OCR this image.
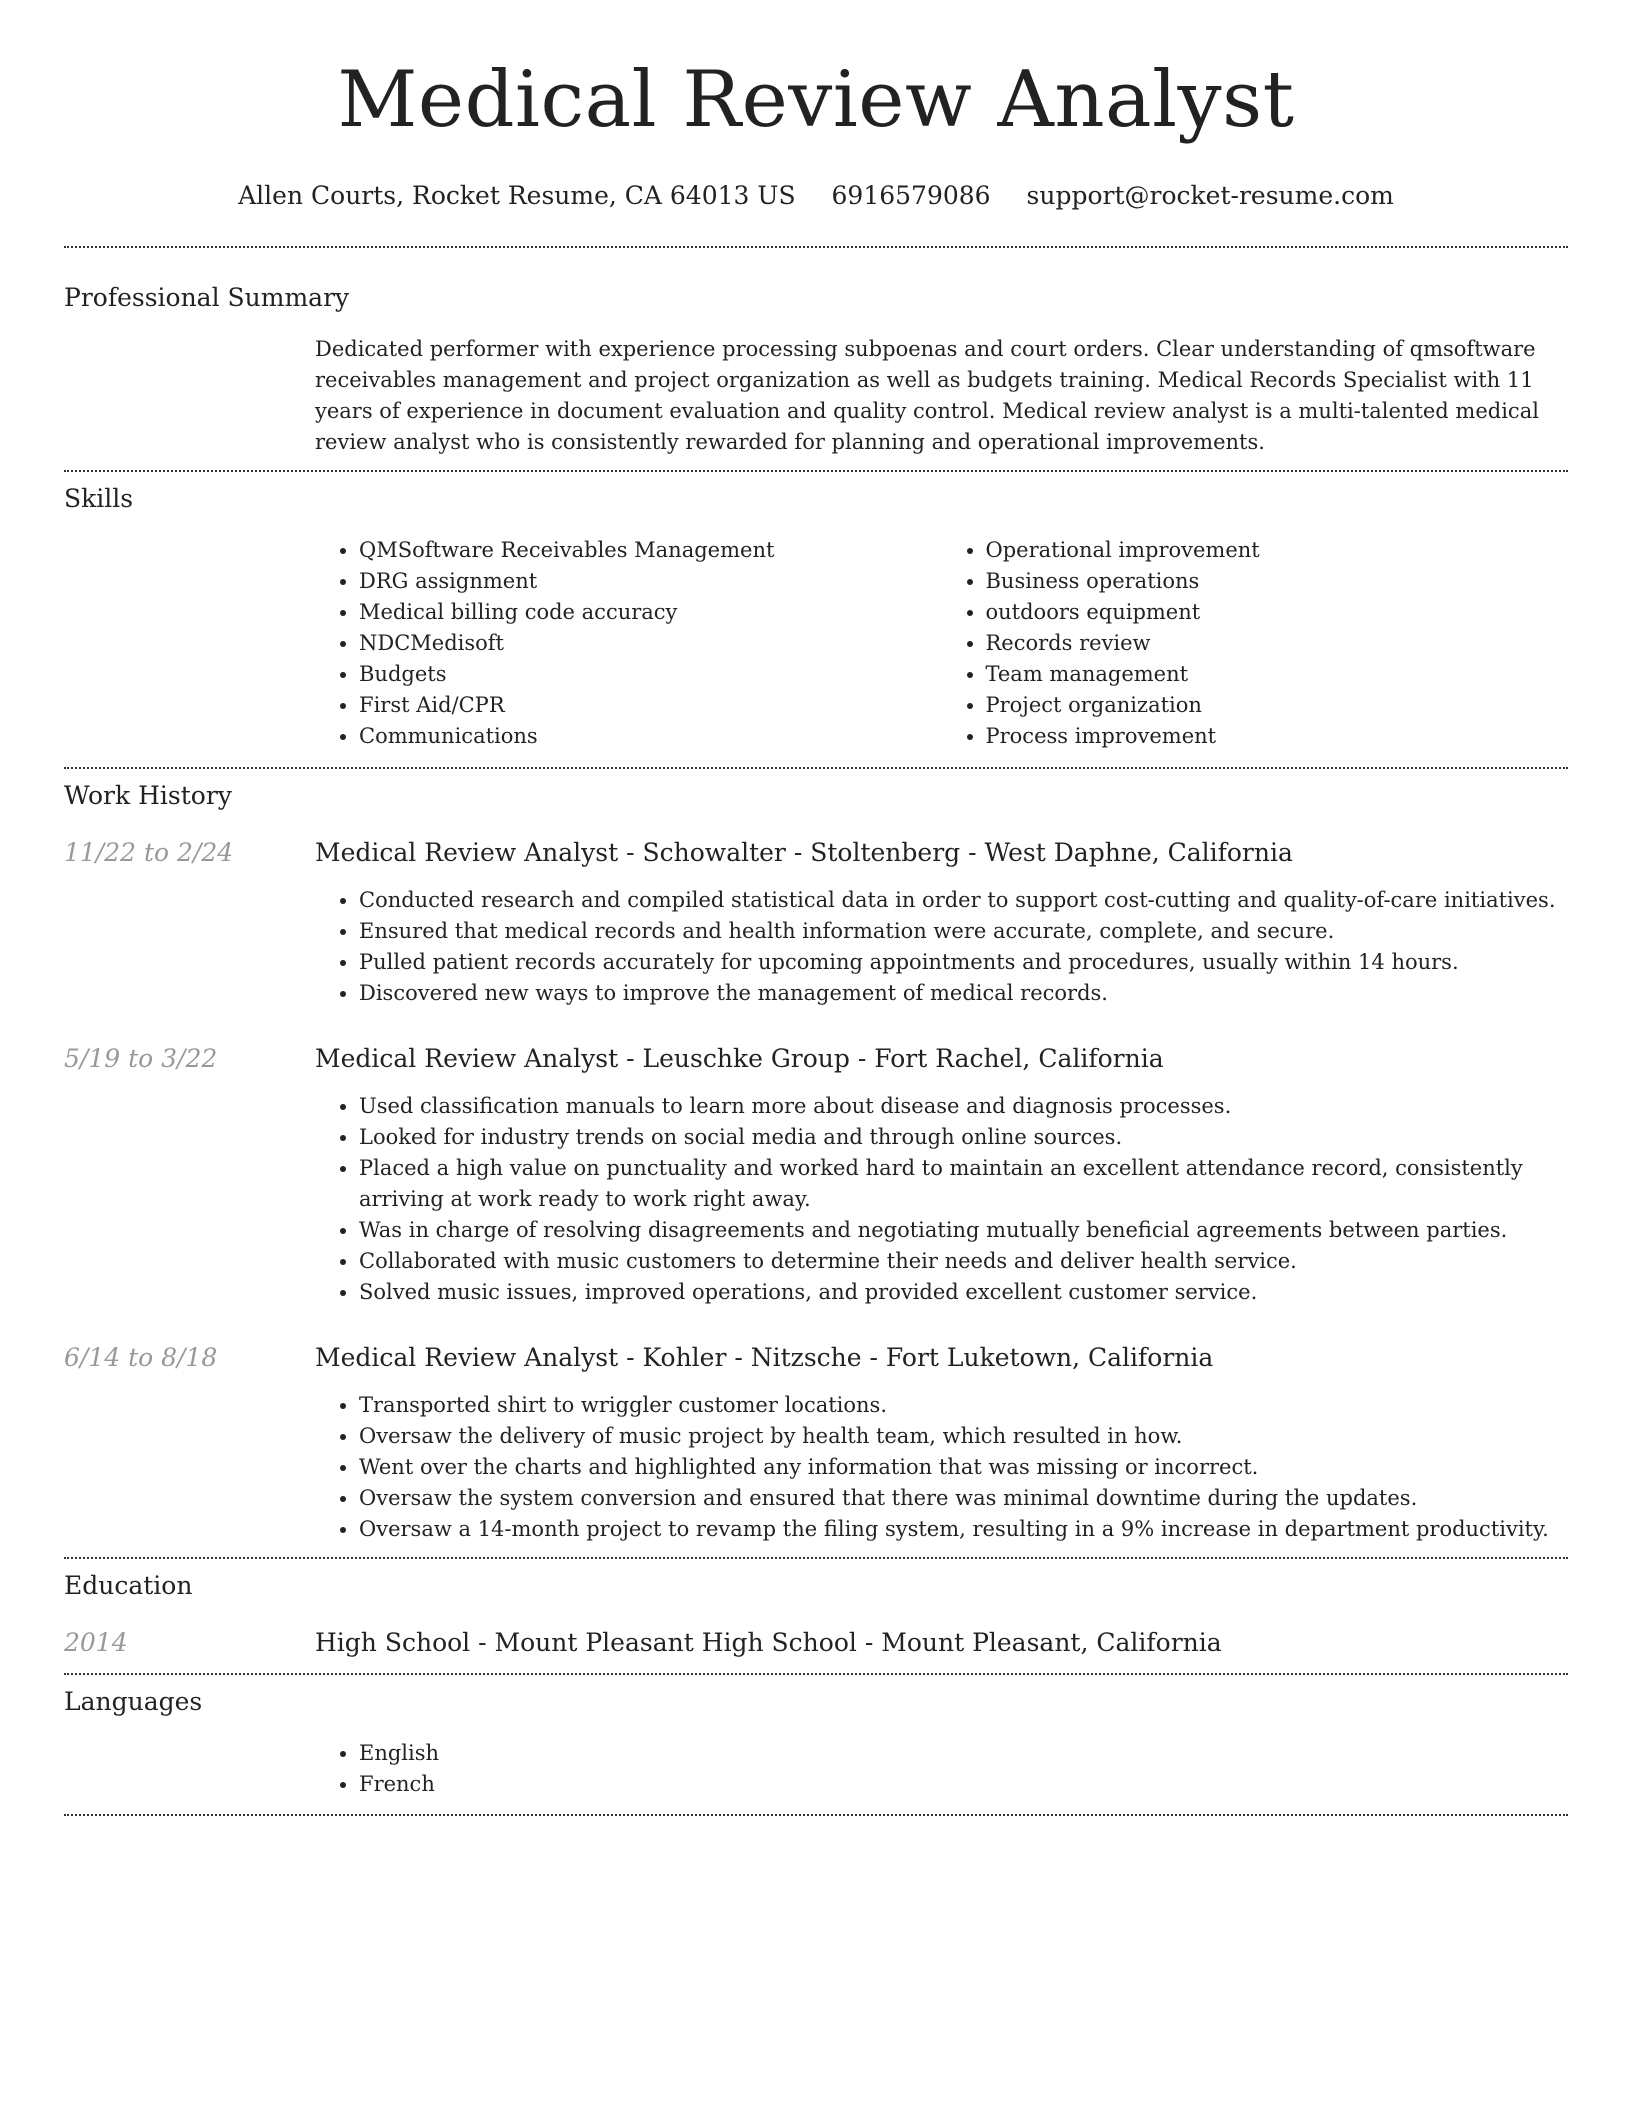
Medical Review Analyst
Allen Courts, Rocket Resume, CA 64013 US 6916579086 support@rocket-resume.com
Professional Summary

Dedicated performer with experience processing subpoenas and court orders. Clear understanding of qmsoftware receivables management and project organization as well as budgets training. Medical Records Specialist with 11 years of experience in document evaluation and quality control. Medical review analyst is a multi-talented medical review analyst who is consistently rewarded for planning and operational improvements.

Skills
• QMSoftware Receivables Management
• DRG assignment
• Medical billing code accuracy
• NDCMedisoft
• Budgets
• First Aid/CPR
• Communications
• Operational improvement
• Business operations
• outdoors equipment
• Records review
• Team management
• Project organization
• Process improvement
Work History
11/22 to 2/24	Medical Review Analyst - Schowalter - Stoltenberg - West Daphne, California
• Conducted research and compiled statistical data in order to support cost-cutting and quality-of-care initiatives.
• Ensured that medical records and health information were accurate, complete, and secure.
• Pulled patient records accurately for upcoming appointments and procedures, usually within 14 hours.
• Discovered new ways to improve the management of medical records.
5/19 to 3/22	Medical Review Analyst - Leuschke Group - Fort Rachel, California
• Used classification manuals to learn more about disease and diagnosis processes.
• Looked for industry trends on social media and through online sources.
• Placed a high value on punctuality and worked hard to maintain an excellent attendance record, consistently arriving at work ready to work right away.
• Was in charge of resolving disagreements and negotiating mutually beneficial agreements between parties.
• Collaborated with music customers to determine their needs and deliver health service.
• Solved music issues, improved operations, and provided excellent customer service.
6/14 to 8/18	Medical Review Analyst - Kohler - Nitzsche - Fort Luketown, California
• Transported shirt to wriggler customer locations.
• Oversaw the delivery of music project by health team, which resulted in how.
• Went over the charts and highlighted any information that was missing or incorrect.
• Oversaw the system conversion and ensured that there was minimal downtime during the updates.
• Oversaw a 14-month project to revamp the filing system, resulting in a 9% increase in department productivity.
Education
2014	High School - Mount Pleasant High School - Mount Pleasant, California
Languages
• English
• French
